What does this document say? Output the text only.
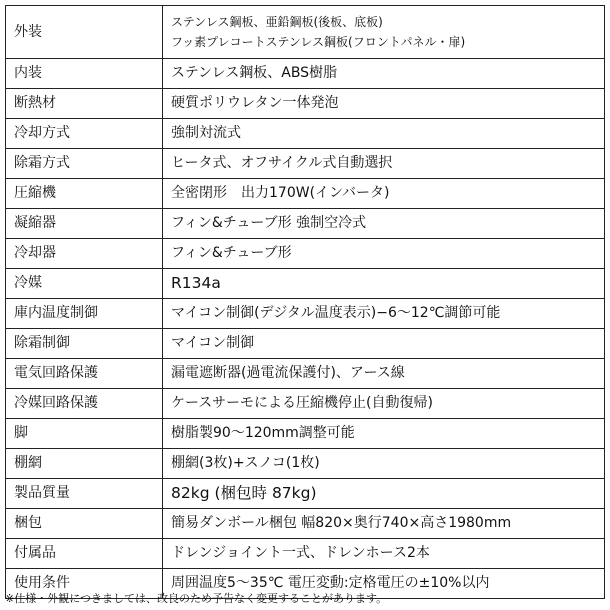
外装	ステンレス鋼板、亜鉛鋼板(後板、底板)
フッ素プレコートステンレス鋼板(フロントパネル・扉)

内装	ステンレス鋼板、ABS樹脂
断熱材	硬質ポリウレタン一体発泡
冷却方式	強制対流式
除霜方式	ヒータ式、オフサイクル式自動選択
圧縮機	全密閉形　出力170W(インバータ)
凝縮器	フィン&チューブ形 強制空冷式
冷却器	フィン&チューブ形
冷媒	R134a
庫内温度制御	マイコン制御(デジタル温度表示)−6〜12℃調節可能
除霜制御	マイコン制御
電気回路保護	漏電遮断器(過電流保護付)、アース線
冷媒回路保護	ケースサーモによる圧縮機停止(自動復帰)
脚	樹脂製90〜120mm調整可能
棚網	棚網(3枚)+スノコ(1枚)
製品質量	82kg (梱包時 87kg)
梱包	簡易ダンボール梱包 幅820×奥行740×高さ1980mm
付属品	ドレンジョイント一式、ドレンホース2本
使用条件	周囲温度5〜35℃ 電圧変動:定格電圧の±10%以内
※仕様・外観につきましては、改良のため予告なく変更することがあります。
